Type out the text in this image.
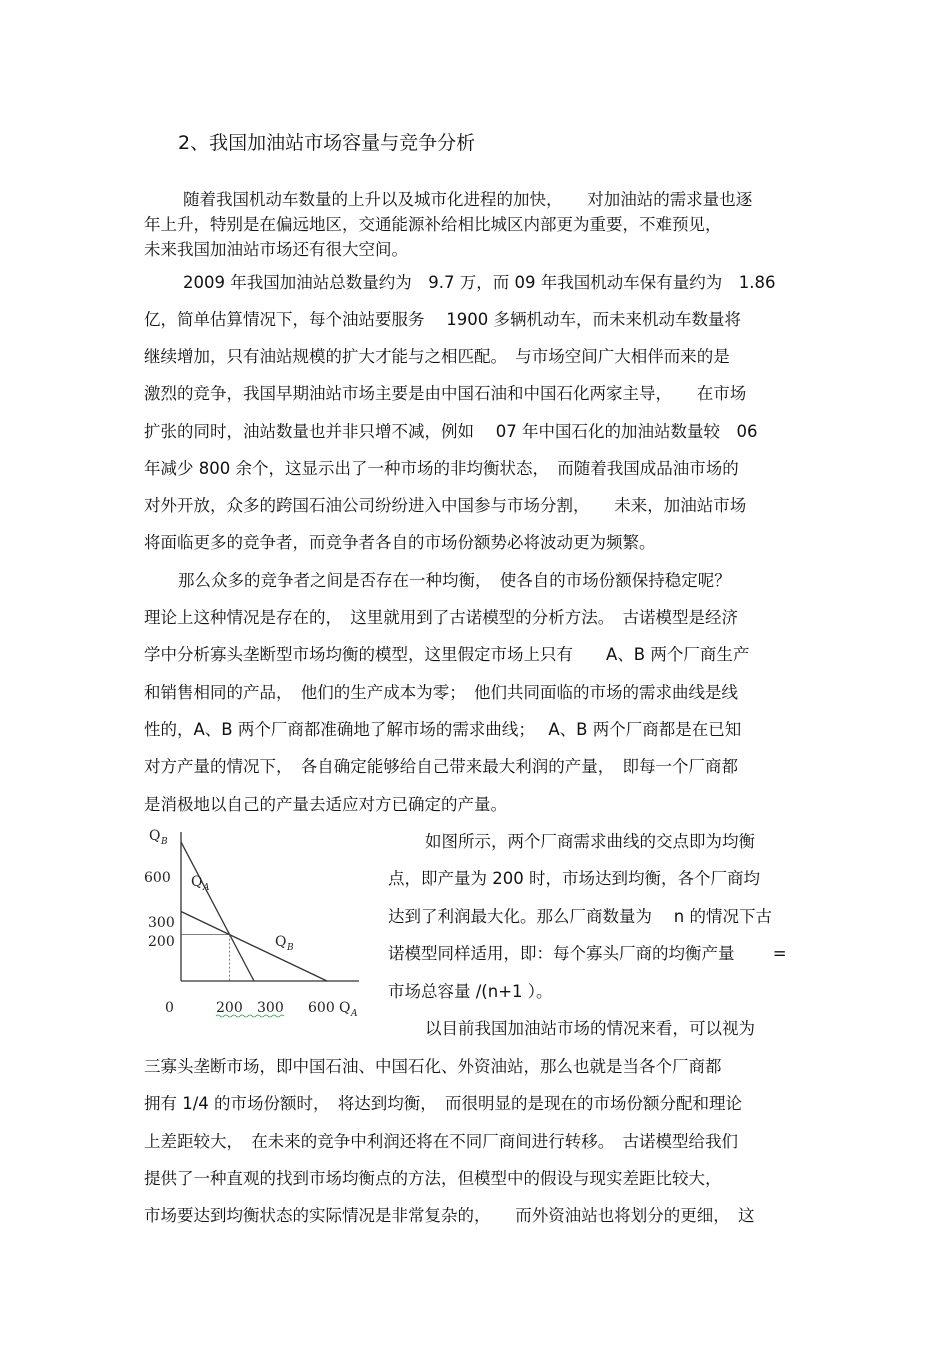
2、我国加油站市场容量与竞争分析

随着我国机动车数量的上升以及城市化进程的加快，　　对加油站的需求量也逐

年上升，特别是在偏远地区，交通能源补给相比城区内部更为重要，不难预见，

未来我国加油站市场还有很大空间。

2009 年我国加油站总数量约为　9.7 万，而 09 年我国机动车保有量约为　1.86

亿，简单估算情况下，每个油站要服务　 1900 多辆机动车，而未来机动车数量将

继续增加，只有油站规模的扩大才能与之相匹配。　与市场空间广大相伴而来的是

激烈的竞争，我国早期油站市场主要是由中国石油和中国石化两家主导，　　在市场

扩张的同时，油站数量也并非只增不减，例如　 07 年中国石化的加油站数量较　06

年减少 800 余个，这显示出了一种市场的非均衡状态，　而随着我国成品油市场的

对外开放，众多的跨国石油公司纷纷进入中国参与市场分割，　　未来，加油站市场

将面临更多的竞争者，而竞争者各自的市场份额势必将波动更为频繁。

那么众多的竞争者之间是否存在一种均衡，　使各自的市场份额保持稳定呢？

理论上这种情况是存在的，　这里就用到了古诺模型的分析方法。　古诺模型是经济

学中分析寡头垄断型市场均衡的模型，这里假定市场上只有　　A、B 两个厂商生产

和销售相同的产品，　他们的生产成本为零；　他们共同面临的市场的需求曲线是线

性的，A、B 两个厂商都准确地了解市场的需求曲线；　 A、B 两个厂商都是在已知

对方产量的情况下，　各自确定能够给自己带来最大利润的产量，　即每一个厂商都

是消极地以自己的产量去适应对方已确定的产量。

如图所示，两个厂商需求曲线的交点即为均衡

点，即产量为 200 时，市场达到均衡，各个厂商均

达到了利润最大化。那么厂商数量为　 n 的情况下古

诺模型同样适用，即：每个寡头厂商的均衡产量　　 =

市场总容量 /(n+1 ）。

以目前我国加油站市场的情况来看，可以视为

三寡头垄断市场，即中国石油、中国石化、外资油站，那么也就是当各个厂商都

拥有 1/4 的市场份额时，　将达到均衡，　而很明显的是现在的市场份额分配和理论

上差距较大，　在未来的竞争中利润还将在不同厂商间进行转移。　古诺模型给我们

提供了一种直观的找到市场均衡点的方法，但模型中的假设与现实差距比较大，

市场要达到均衡状态的实际情况是非常复杂的，　　而外资油站也将划分的更细，　这

Q B
Q A
600
300
200
0	200 300 600
Q A
Q B
